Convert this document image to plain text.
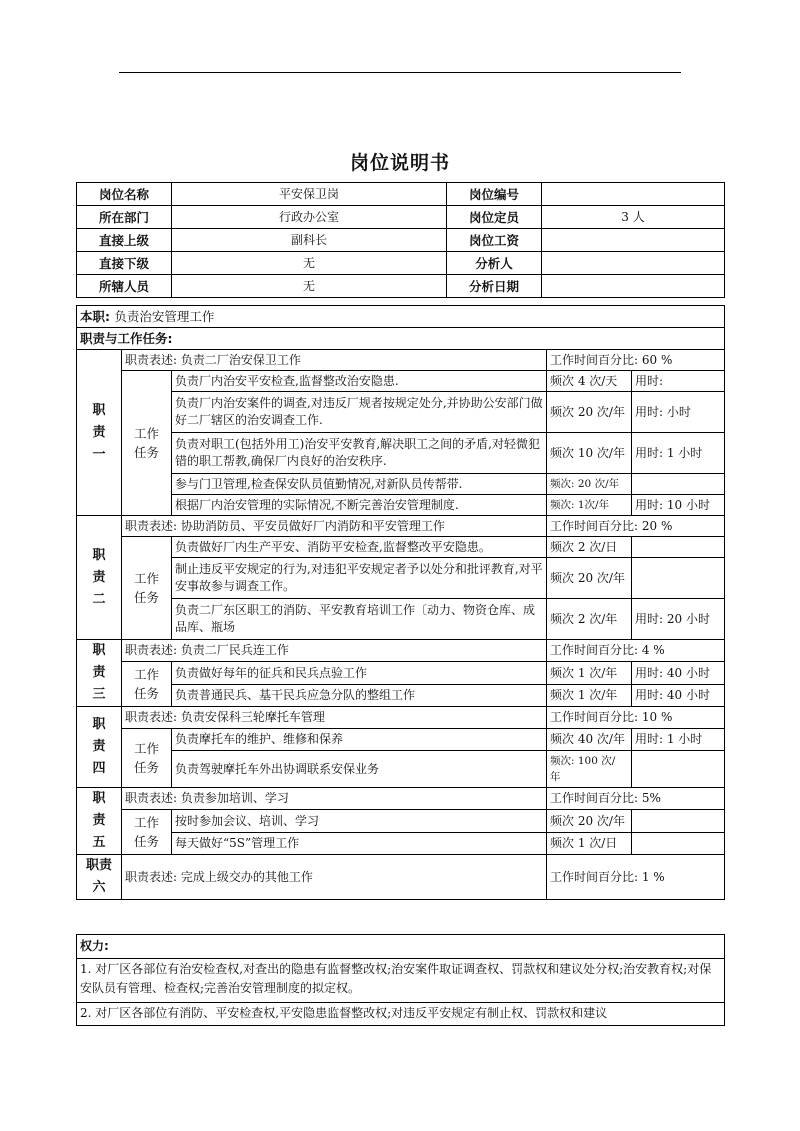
岗位说明书
岗位名称	平安保卫岗	岗位编号	
所在部门	行政办公室	岗位定员	3 人
直接上级	副科长	岗位工资	
直接下级	无	分析人	
所辖人员	无	分析日期	
本职: 负责治安管理工作				
职责与工作任务:				
职
责
一	职责表述: 负责二厂治安保卫工作		工作时间百分比: 60 %	
	工作
任务	负责厂内治安平安检查,监督整改治安隐患.	频次 4 次/天	用时:
		负责厂内治安案件的调查,对违反厂规者按规定处分,并协助公安部门做好二厂辖区的治安调查工作.	频次 20 次/年	用时: 小时
		负责对职工(包括外用工)治安平安教育,解决职工之间的矛盾,对轻微犯错的职工帮教,确保厂内良好的治安秩序.	频次 10 次/年	用时: 1 小时
		参与门卫管理,检查保安队员值勤情况,对新队员传帮带.	频次: 20 次/年	
		根据厂内治安管理的实际情况,不断完善治安管理制度.	频次: 1次/年	用时: 10 小时
职
责
二	职责表述: 协助消防员、平安员做好厂内消防和平安管理工作		工作时间百分比: 20 %	
	工作
任务	负责做好厂内生产平安、消防平安检查,监督整改平安隐患。	频次 2 次/日	
		制止违反平安规定的行为,对违犯平安规定者予以处分和批评教育,对平安事故参与调查工作。	频次 20 次/年	
		负责二厂东区职工的消防、平安教育培训工作〔动力、物资仓库、成品库、瓶场	频次 2 次/年	用时: 20 小时
职
责
三	职责表述: 负责二厂民兵连工作		工作时间百分比: 4 %	
	工作
任务	负责做好每年的征兵和民兵点验工作	频次 1 次/年	用时: 40 小时
		负责普通民兵、基干民兵应急分队的整组工作	频次 1 次/年	用时: 40 小时
职
责
四	职责表述: 负责安保科三轮摩托车管理		工作时间百分比: 10 %	
	工作
任务	负责摩托车的维护、维修和保养	频次 40 次/年	用时: 1 小时
		负责驾驶摩托车外出协调联系安保业务	频次: 100 次/
年	
职
责
五	职责表述: 负责参加培训、学习		工作时间百分比: 5%	
	工作
任务	按时参加会议、培训、学习	频次 20 次/年	
		每天做好“5S”管理工作	频次 1 次/日	
职责
六	职责表述: 完成上级交办的其他工作		工作时间百分比: 1 %	
权力:
1. 对厂区各部位有治安检查权,对查出的隐患有监督整改权;治安案件取证调查权、罚款权和建议处分权;治安教育权;对保安队员有管理、检查权;完善治安管理制度的拟定权。
2. 对厂区各部位有消防、平安检查权,平安隐患监督整改权;对违反平安规定有制止权、罚款权和建议
